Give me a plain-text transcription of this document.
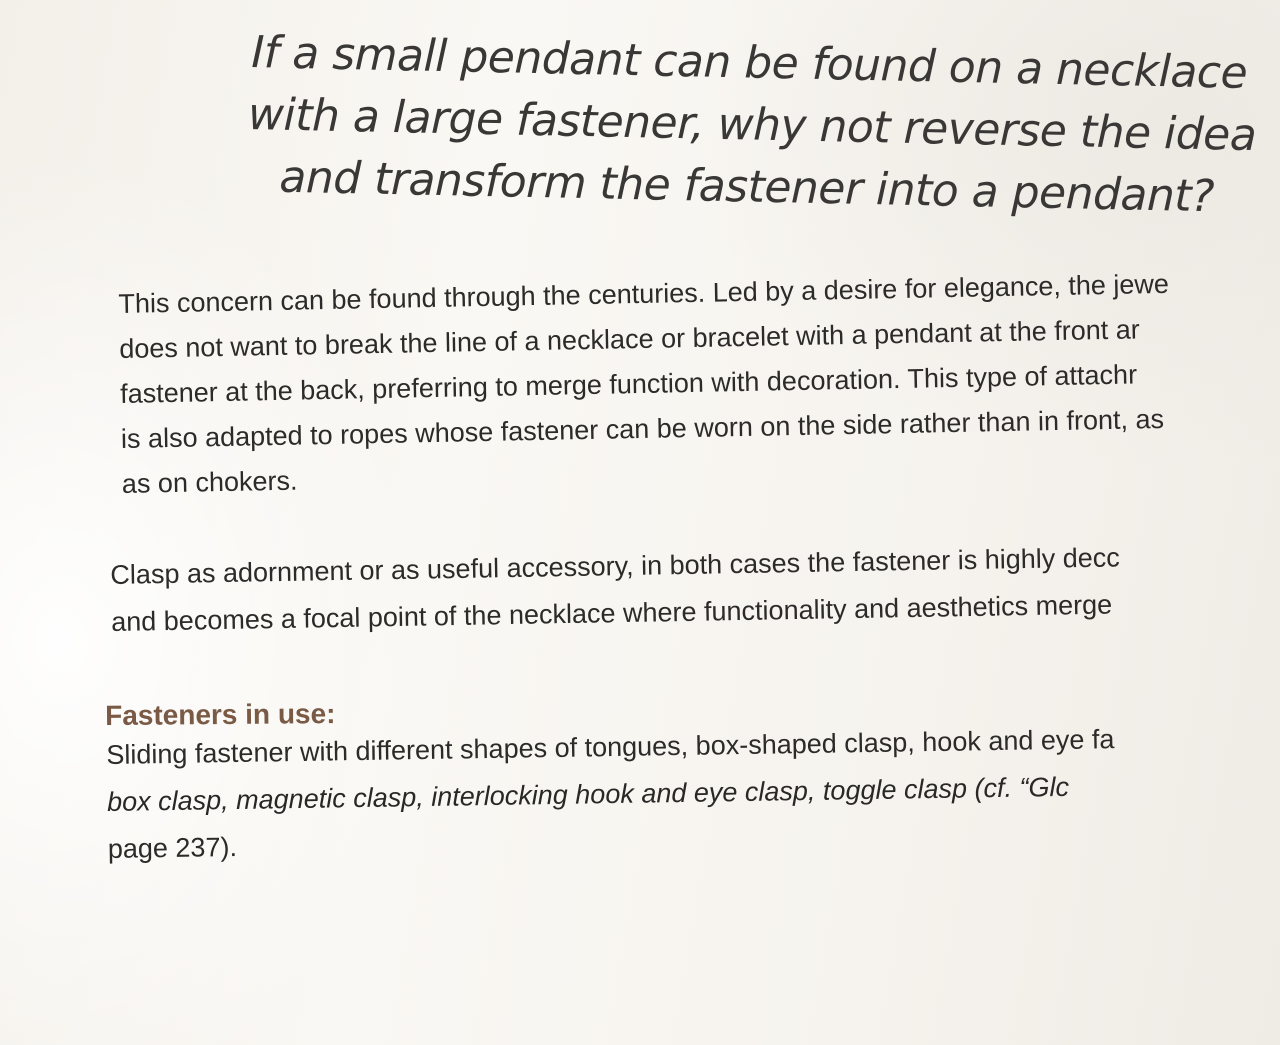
If a small pendant can be found on a necklace
with a large fastener, why not reverse the idea
and transform the fastener into a pendant?

This concern can be found through the centuries. Led by a desire for elegance, the jewe
does not want to break the line of a necklace or bracelet with a pendant at the front ar
fastener at the back, preferring to merge function with decoration. This type of attachr
is also adapted to ropes whose fastener can be worn on the side rather than in front, as
as on chokers.

Clasp as adornment or as useful accessory, in both cases the fastener is highly decc
and becomes a focal point of the necklace where functionality and aesthetics merge

Fasteners in use:

Sliding fastener with different shapes of tongues, box-shaped clasp, hook and eye fa
box clasp, magnetic clasp, interlocking hook and eye clasp, toggle clasp (cf. “Glc
page 237).
